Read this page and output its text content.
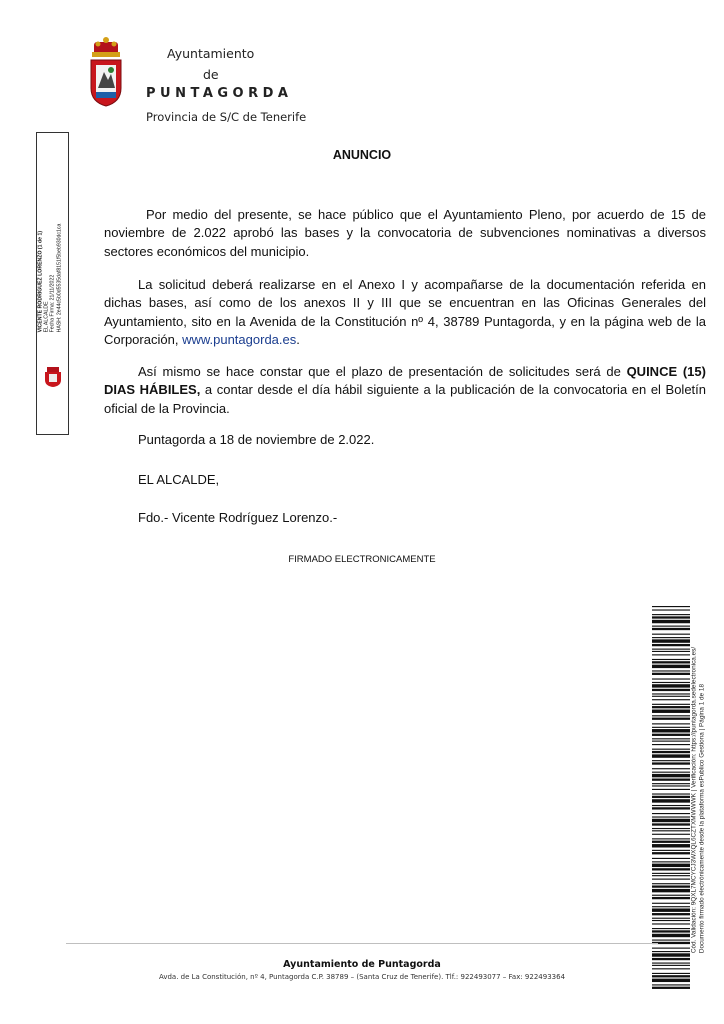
Ayuntamiento
de
PUNTAGORDA
Provincia de S/C de Tenerife
VICENTE RODRIGUEZ LORENZO (1 de 1) EL ALCALDE Fecha Firma: 21/11/2022 HASH: 2e44c5b0d5535daf8151f5beb930dc1ca
ANUNCIO
Por medio del presente, se hace público que el Ayuntamiento Pleno, por acuerdo de 15 de noviembre de 2.022 aprobó las bases y la convocatoria de subvenciones nominativas a diversos sectores económicos del municipio.
La solicitud deberá realizarse en el Anexo I y acompañarse de la documentación referida en dichas bases, así como de los anexos II y III que se encuentran en las Oficinas Generales del Ayuntamiento, sito en la Avenida de la Constitución nº 4, 38789 Puntagorda, y en la página web de la Corporación, www.puntagorda.es.
Así mismo se hace constar que el plazo de presentación de solicitudes será de QUINCE (15) DIAS HÁBILES, a contar desde el día hábil siguiente a la publicación de la convocatoria en el Boletín oficial de la Provincia.
Puntagorda a 18 de noviembre de 2.022.
EL ALCALDE,
Fdo.- Vicente Rodríguez Lorenzo.-
FIRMADO ELECTRONICAMENTE
Cód. Validación: 9QXL7MCYCJ3WXQL6CZTXMWWWK | Verificación: https://puntagorda.sedelectronica.es/ Documento firmado electrónicamente desde la plataforma esPublico Gestiona | Página 1 de 18
Ayuntamiento de Puntagorda
Avda. de La Constitución, nº 4, Puntagorda C.P. 38789 – (Santa Cruz de Tenerife). Tlf.: 922493077 – Fax: 922493364
